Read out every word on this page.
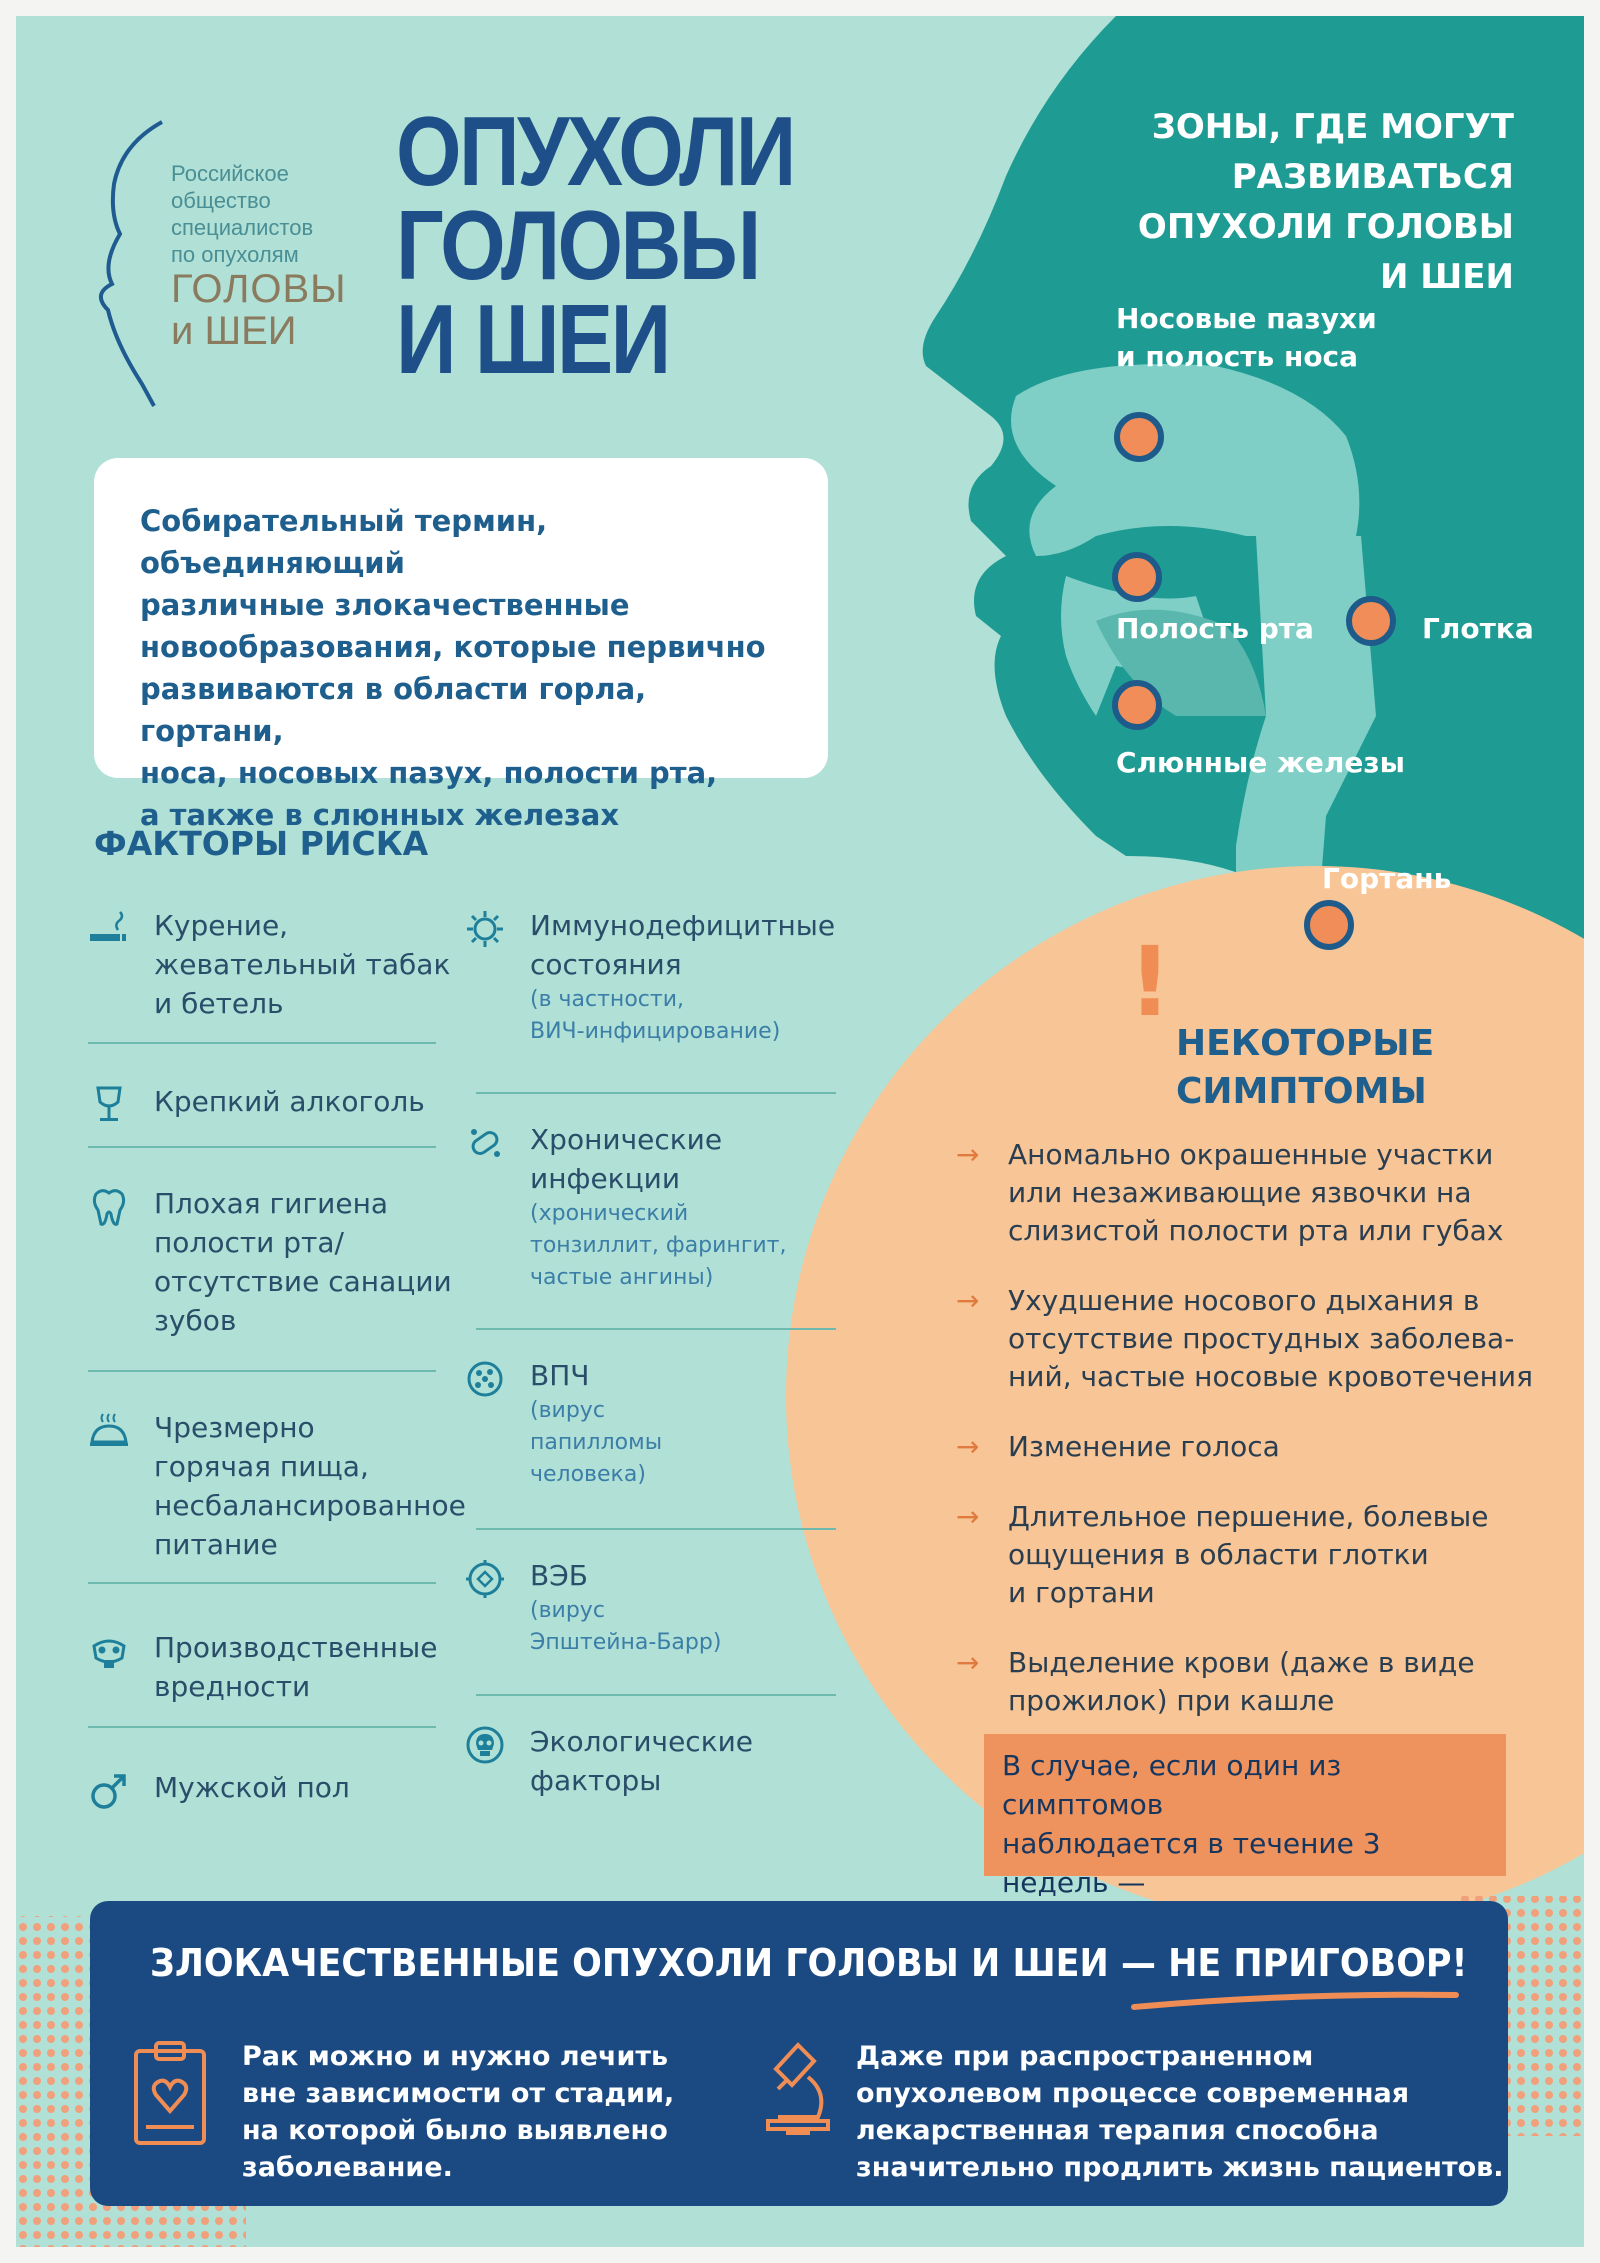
Российское
общество
специалистов
по опухолям
ГОЛОВЫ
и ШЕИ
ОПУХОЛИ
ГОЛОВЫ
И ШЕИ
Собирательный термин, объединяющий
различные злокачественные
новообразования, которые первично
развиваются в области горла, гортани,
носа, носовых пазух, полости рта,
а также в слюнных железах
ЗОНЫ, ГДЕ МОГУТ
РАЗВИВАТЬСЯ
ОПУХОЛИ ГОЛОВЫ
И ШЕИ
Носовые пазухи
и полость носа
Полость рта	Глотка
Слюнные железы
Гортань
ФАКТОРЫ РИСКА
Курение,
жевательный табак
и бетель
Крепкий алкоголь
Плохая гигиена
полости рта/
отсутствие санации
зубов
Чрезмерно
горячая пища,
несбалансированное
питание
Производственные
вредности
Мужской пол
Иммунодефицитные
состояния
(в частности,
ВИЧ-инфицирование)
Хронические
инфекции
(хронический
тонзиллит, фарингит,
частые ангины)
ВПЧ
(вирус
папилломы
человека)
ВЭБ
(вирус
Эпштейна-Барр)
Экологические
факторы
!
НЕКОТОРЫЕ
СИМПТОМЫ
→	Аномально окрашенные участки
или незаживающие язвочки на
слизистой полости рта или губах
→	Ухудшение носового дыхания в
отсутствие простудных заболева-
ний, частые носовые кровотечения
→	Изменение голоса
→	Длительное першение, болевые
ощущения в области глотки
и гортани
→	Выделение крови (даже в виде
прожилок) при кашле
В случае, если один из симптомов
наблюдается в течение 3 недель —
ЗЛОКАЧЕСТВЕННЫЕ ОПУХОЛИ ГОЛОВЫ И ШЕИ — НЕ ПРИГОВОР!
Рак можно и нужно лечить
вне зависимости от стадии,
на которой было выявлено
заболевание.
Даже при распространенном
опухолевом процессе современная
лекарственная терапия способна
значительно продлить жизнь пациентов.
